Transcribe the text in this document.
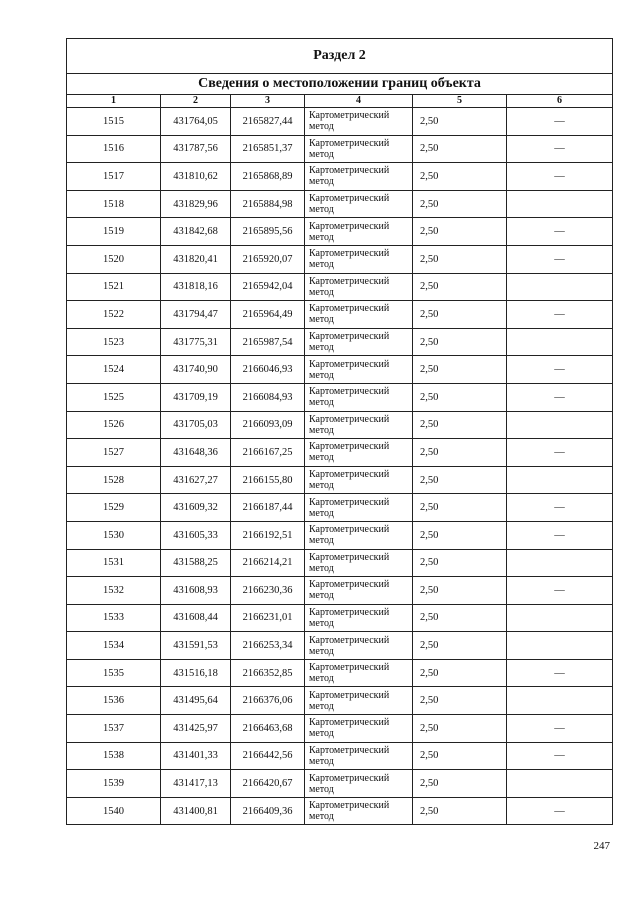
Раздел 2					
Сведения о местоположении границ объекта					
1	2	3	4	5	6
1515	431764,05	2165827,44	Картометрический метод	2,50	—
1516	431787,56	2165851,37	Картометрический метод	2,50	—
1517	431810,62	2165868,89	Картометрический метод	2,50	—
1518	431829,96	2165884,98	Картометрический метод	2,50	
1519	431842,68	2165895,56	Картометрический метод	2,50	—
1520	431820,41	2165920,07	Картометрический метод	2,50	—
1521	431818,16	2165942,04	Картометрический метод	2,50	
1522	431794,47	2165964,49	Картометрический метод	2,50	—
1523	431775,31	2165987,54	Картометрический метод	2,50	
1524	431740,90	2166046,93	Картометрический метод	2,50	—
1525	431709,19	2166084,93	Картометрический метод	2,50	—
1526	431705,03	2166093,09	Картометрический метод	2,50	
1527	431648,36	2166167,25	Картометрический метод	2,50	—
1528	431627,27	2166155,80	Картометрический метод	2,50	
1529	431609,32	2166187,44	Картометрический метод	2,50	—
1530	431605,33	2166192,51	Картометрический метод	2,50	—
1531	431588,25	2166214,21	Картометрический метод	2,50	
1532	431608,93	2166230,36	Картометрический метод	2,50	—
1533	431608,44	2166231,01	Картометрический метод	2,50	
1534	431591,53	2166253,34	Картометрический метод	2,50	
1535	431516,18	2166352,85	Картометрический метод	2,50	—
1536	431495,64	2166376,06	Картометрический метод	2,50	
1537	431425,97	2166463,68	Картометрический метод	2,50	—
1538	431401,33	2166442,56	Картометрический метод	2,50	—
1539	431417,13	2166420,67	Картометрический метод	2,50	
1540	431400,81	2166409,36	Картометрический метод	2,50	—
247
